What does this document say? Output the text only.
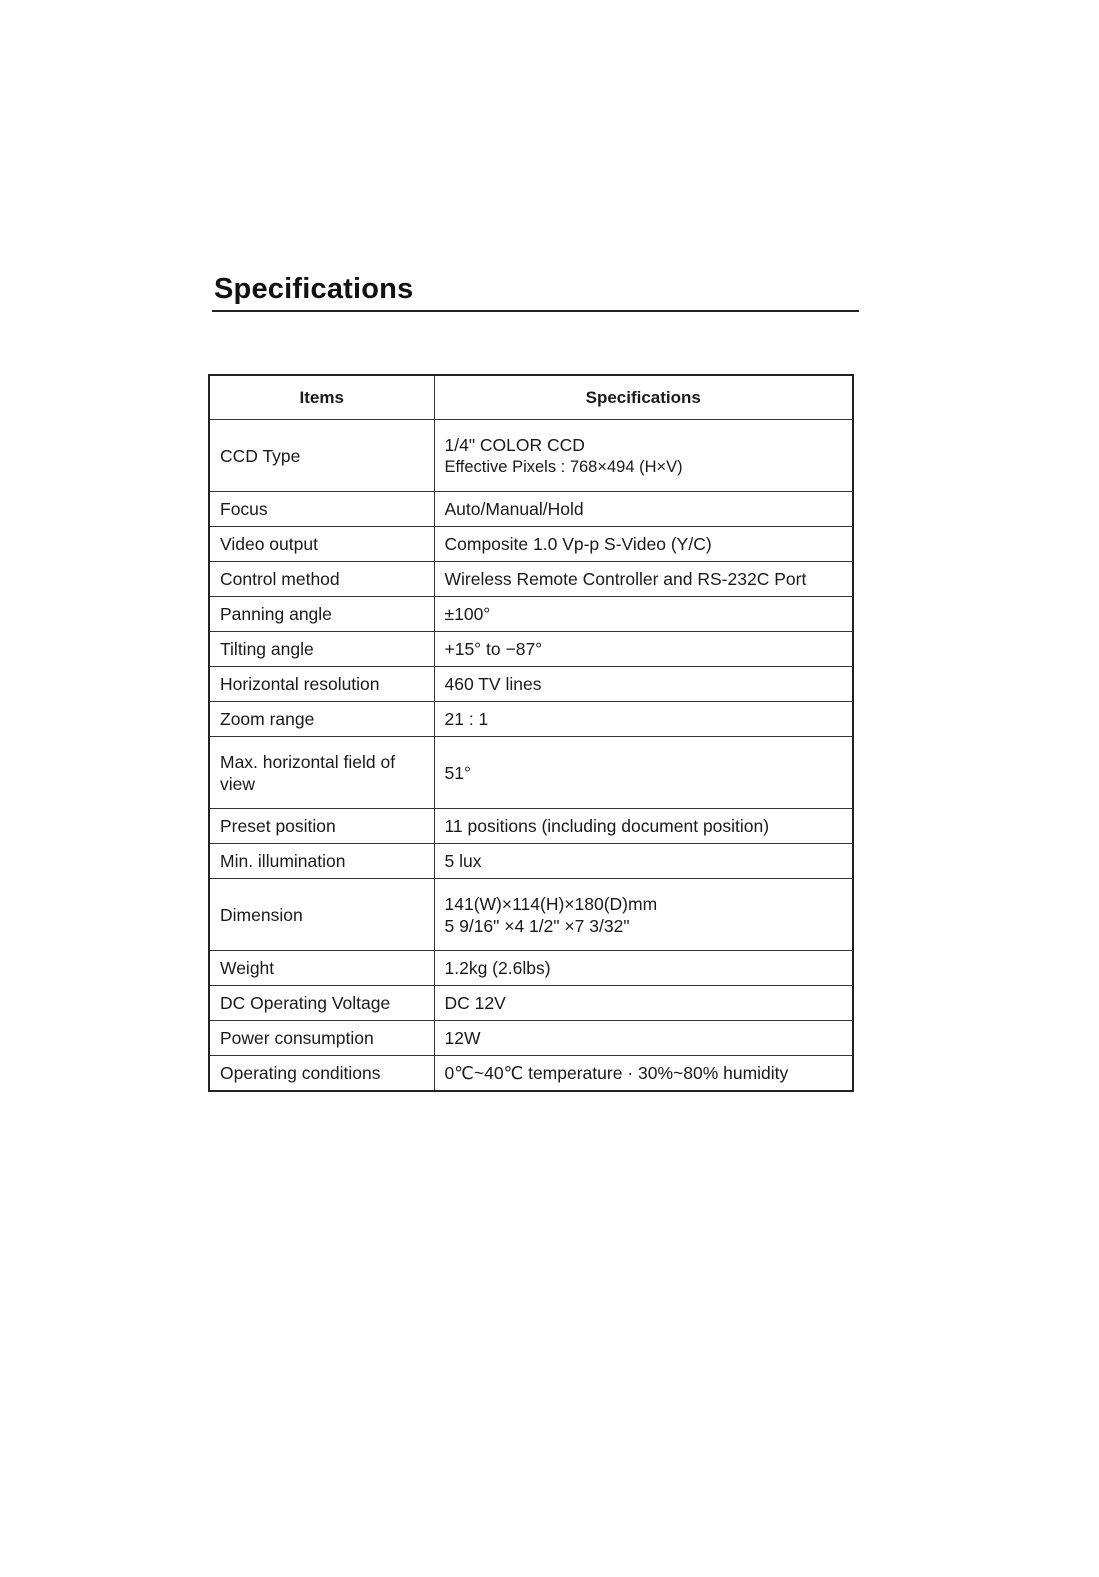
Specifications
Items	Specifications
CCD Type	1/4" COLOR CCD
Effective Pixels : 768×494 (H×V)

Focus	Auto/Manual/Hold
Video output	Composite 1.0 Vp-p S-Video (Y/C)
Control method	Wireless Remote Controller and RS-232C Port
Panning angle	±100°
Tilting angle	+15° to −87°
Horizontal resolution	460 TV lines
Zoom range	21 : 1
Max. horizontal field of view	51°
Preset position	11 positions (including document position)
Min. illumination	5 lux
Dimension	141(W)×114(H)×180(D)mm
5 9/16" ×4 1/2" ×7 3/32"

Weight	1.2kg (2.6lbs)
DC Operating Voltage	DC 12V
Power consumption	12W
Operating conditions	0℃~40℃ temperature · 30%~80% humidity
